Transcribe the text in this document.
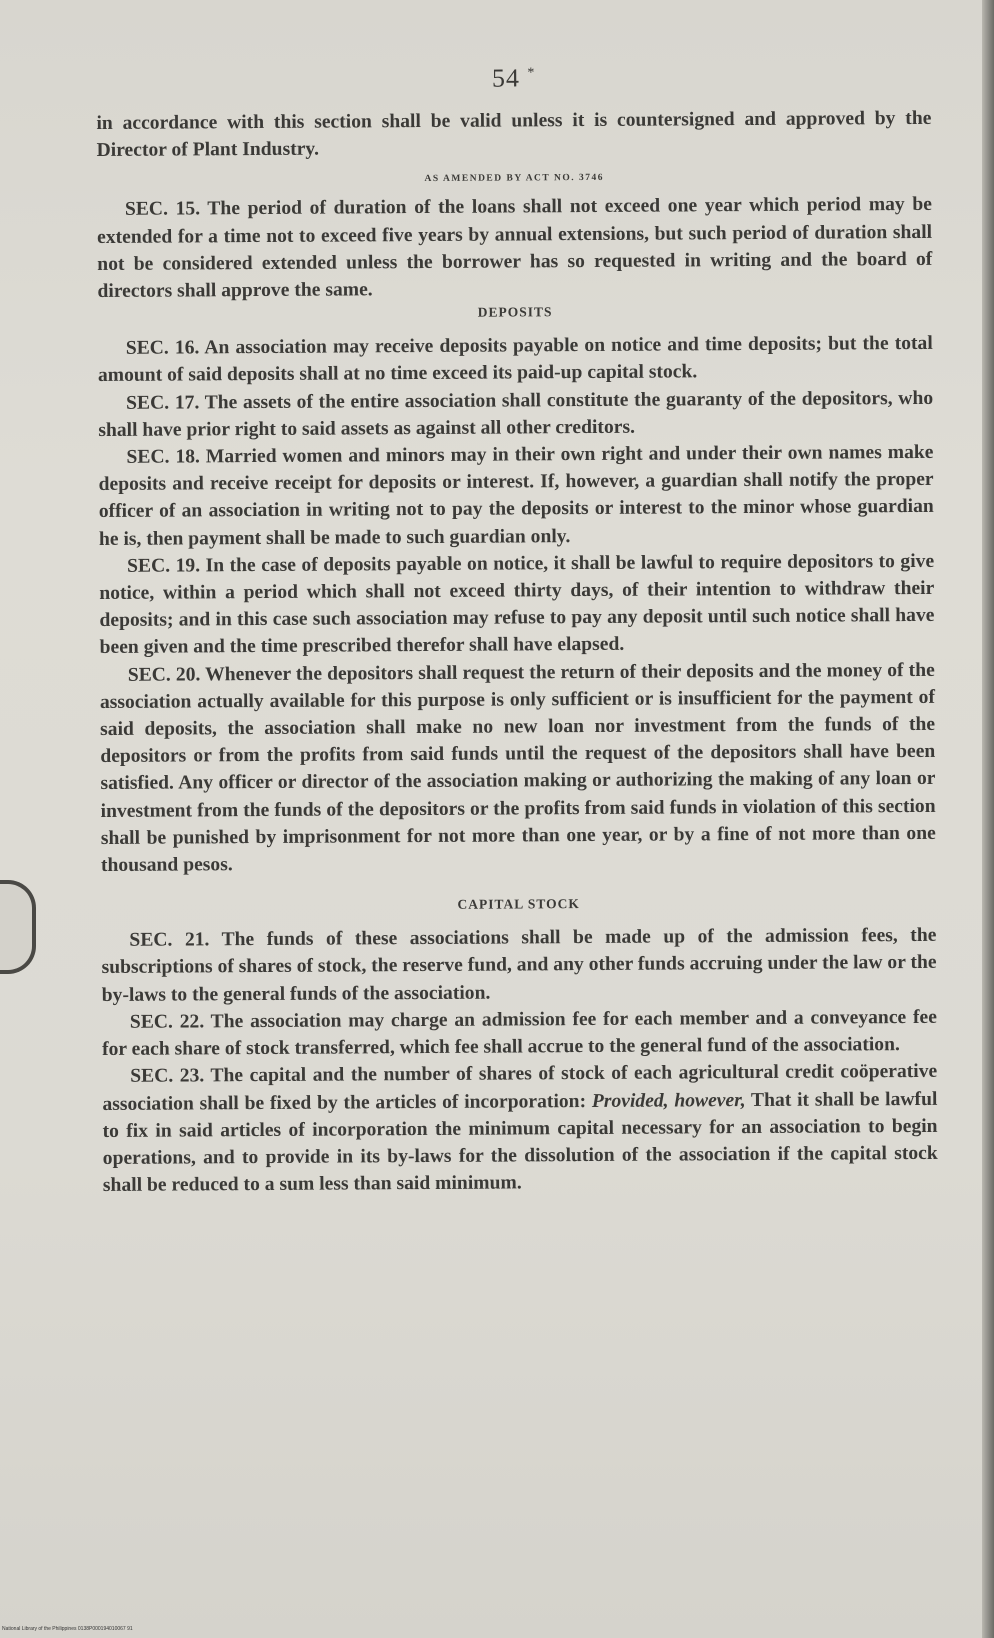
54 *

in accordance with this section shall be valid unless it is countersigned and approved by the Director of Plant Industry.

AS AMENDED BY ACT NO. 3746

SEC. 15. The period of duration of the loans shall not exceed one year which period may be extended for a time not to exceed five years by annual extensions, but such period of duration shall not be considered extended unless the borrower has so requested in writing and the board of directors shall approve the same.

DEPOSITS

SEC. 16. An association may receive deposits payable on notice and time deposits; but the total amount of said deposits shall at no time exceed its paid-up capital stock.

SEC. 17. The assets of the entire association shall constitute the guaranty of the depositors, who shall have prior right to said assets as against all other creditors.

SEC. 18. Married women and minors may in their own right and under their own names make deposits and receive receipt for deposits or interest. If, however, a guardian shall notify the proper officer of an association in writing not to pay the deposits or interest to the minor whose guardian he is, then payment shall be made to such guardian only.

SEC. 19. In the case of deposits payable on notice, it shall be lawful to require depositors to give notice, within a period which shall not exceed thirty days, of their intention to withdraw their deposits; and in this case such association may refuse to pay any deposit until such notice shall have been given and the time prescribed therefor shall have elapsed.

SEC. 20. Whenever the depositors shall request the return of their deposits and the money of the association actually available for this purpose is only sufficient or is insufficient for the payment of said deposits, the association shall make no new loan nor investment from the funds of the depositors or from the profits from said funds until the request of the depositors shall have been satisfied. Any officer or director of the association making or authorizing the making of any loan or investment from the funds of the depositors or the profits from said funds in violation of this section shall be punished by imprisonment for not more than one year, or by a fine of not more than one thousand pesos.

CAPITAL STOCK

SEC. 21. The funds of these associations shall be made up of the admission fees, the subscriptions of shares of stock, the reserve fund, and any other funds accruing under the law or the by-laws to the general funds of the association.

SEC. 22. The association may charge an admission fee for each member and a conveyance fee for each share of stock transferred, which fee shall accrue to the general fund of the association.

SEC. 23. The capital and the number of shares of stock of each agricultural credit coöperative association shall be fixed by the articles of incorporation: Provided, however, That it shall be lawful to fix in said articles of incorporation the minimum capital necessary for an association to begin operations, and to provide in its by-laws for the dissolution of the association if the capital stock shall be reduced to a sum less than said minimum.

National Library of the Philippines 0138P000194010067 91
